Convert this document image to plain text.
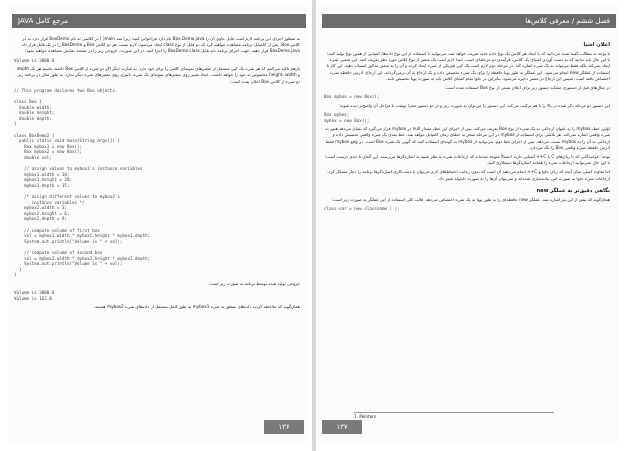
مرجع کامل JAVA

به منظور اجرای این برنامه لازم است فایل حاوی آن را Box.Demo.java نام دارد فراخوانی کنید؛ زیرا متد main( ) در کلاسی به نام BoxDemo قرار دارد نه در کلاس Box. پس از کامپایل برنامه مشاهده خواهید کرد که دو فایل از نوع class ایجاد می‌شود، لازم نیست هر دو کلاس Box و BoxDemo را در یک فایل قرار داد. BoxDemo.java قرار دهید. جهت اجرای برنامه باید فایل BoxDemo.class را اجرا کنید. در این صورت، خروجی زیر را در صفحه نمایش مشاهده خواهید نمود:

Volume is 3000.0

بازهم تاکید می‌کنیم که هر شیء یک کپی مستقل از متغیرهای نمونه‌ای کلاس را برای خود دارد. به عبارت دیگر اگر دو شیء از کلاس Box داشته باشیم هر یک depth و height، width مخصوص به خود را خواهد داشت. ایجاد تغییر روی متغیرهای نمونه‌ای یک شیء، تاثیری روی متغیرهای شیء دیگر ندارد. به طور مثال در برنامه زیر دو شیء از کلاس Box اعلان شده است:

// This program declares two Box objects.

class Box {
double width;
double height;
double depth;
}

class BoxDemo2 {
public static void main(String args[]) {
Box mybox1 = new Box();
Box mybox2 = new Box();
double vol;

// assign values to mybox1's instance variables
mybox1.width = 10;
mybox1.height = 20;
mybox1.depth = 15;

/* assign different values to mybox2's
instance variables */
mybox2.width = 3;
mybox2.height = 6;
mybox2.depth = 9;

// compute volume of first box
vol = mybox1.width * mybox1.height * mybox1.depth;
System.out.println("Volume is " + vol);

// compute volume of second box
vol = mybox2.width * mybox2.height * mybox2.depth;
System.out.println("Volume is " + vol);
}
}

خروجی تولید شده توسط برنامه به صورت زیر است:

Volume is 3000.0
Volume is 162.0

همان‌گونه که ملاحظه کردید داده‌های متعلق به شیء mybox1 به طور کامل مستقل از داده‌های شیء mybox2 هستند.

۱۳۶
فصل ششم / معرفی کلاس‌ها
اعلان اشیا

با توجه به مطالب گفته شده می‌دانید که با ایجاد هر کلاس یک نوع داده جدید تعریف خواهد شد. می‌توانید با استفاده از این نوع داده‌ها، اشیایی از همین نوع تولید کنید؛ با این حال باید بدانید که به دست آوردن اشیای یک کلاس، فرآیندی دو مرحله‌ای است. ابتدا لازم است یک متغیر از نوع کلاس مورد نظر تعریف کنید. این متغیر، شیء ایجاد نمی‌کند بلکه فقط می‌تواند به یک شیء اشاره کند. در مرحله دوم لازم است یک کپی فیزیکی از شیء ایجاد کرده و آن را به متغیر مذکور انتساب دهید. این کار با استفاده از عملگر new انجام می‌شود. این عملگر به طور پویا حافظه را برای یک شیء تخصیص داده و یک ارجاع به آن برمی‌گرداند. این ارجاع، آدرس حافظه شیء اختصاص یافته است. سپس این ارجاع در متغیر ذخیره می‌شود. بنابراین در جاوا تمام اشیای کلاس باید به صورت پویا تخصیص یابند.

در مثال‌های قبل از دستوری مشابه دستور زیر برای اعلان شیئی از نوع Box استفاده شده است:

Box mybox = new Box();

این دستور دو مرحله ذکر شده در بالا را با هم ترکیب می‌کند. این دستور را می‌توان به صورت زیر و در دو دستور مجزا نوشت تا مراحل آن واضح‌تر دیده شوند:

Box mybox;
mybox = new Box();

اولین خط، mybox را به عنوان ارجاعی به یک شیء از نوع Box تعریف می‌کند. پس از اجرای این خط، مقدار null در mybox قرار می‌گیرد که نشان می‌دهد هنوز به شیء واقعی اشاره نمی‌کند. هر تلاشی برای استفاده از mybox در این مرحله منجر به خطای زمان کامپایل خواهد شد. خط بعدی یک شیء واقعی تخصیص داده و ارجاعی به آن را به mybox نسبت می‌دهد. پس از اجرای خط دوم، می‌توانید از mybox به گونه‌ای استفاده کنید که گویی یک شیء Box است. در واقع mybox فقط آدرس حافظه شیء واقعی Box را نگه می‌دارد.

توجه: خوانندگانی که با زبان‌های C یا C++ آشنایی دارند احتمالاً متوجه شده‌اند که ارجاعات شیء به نظر شبیه به اشاره‌گرها می‌رسند. این گمان تا حدی درست است؛ با این حال نمی‌توانید ارجاعات شیء را همانند اشاره‌گرها دستکاری کنید.

اما تفاوت اصلی میان آنچه که زبان جاوا و C++ انجام می‌دهند آن است که بدون رعایت احتیاط‌های لازم می‌توان با دست‌کاری اشاره‌گرها برنامه را دچار مشکل کرد. ارجاعات شیء جاوا به صورت امن پیاده‌سازی شده‌اند و نمی‌توان آن‌ها را به صورت دلخواه تغییر داد.

نگاهی دقیق‌تر به عملگر new

همان‌گونه که پیش از این نیز اشاره شد، عملگر new حافظه‌ای را به طور پویا به یک شیء اختصاص می‌دهد. قالب کلی استفاده از این عملگر به صورت زیر است:

class-var = new classname ( );
1. Pointers
۱۳۷
